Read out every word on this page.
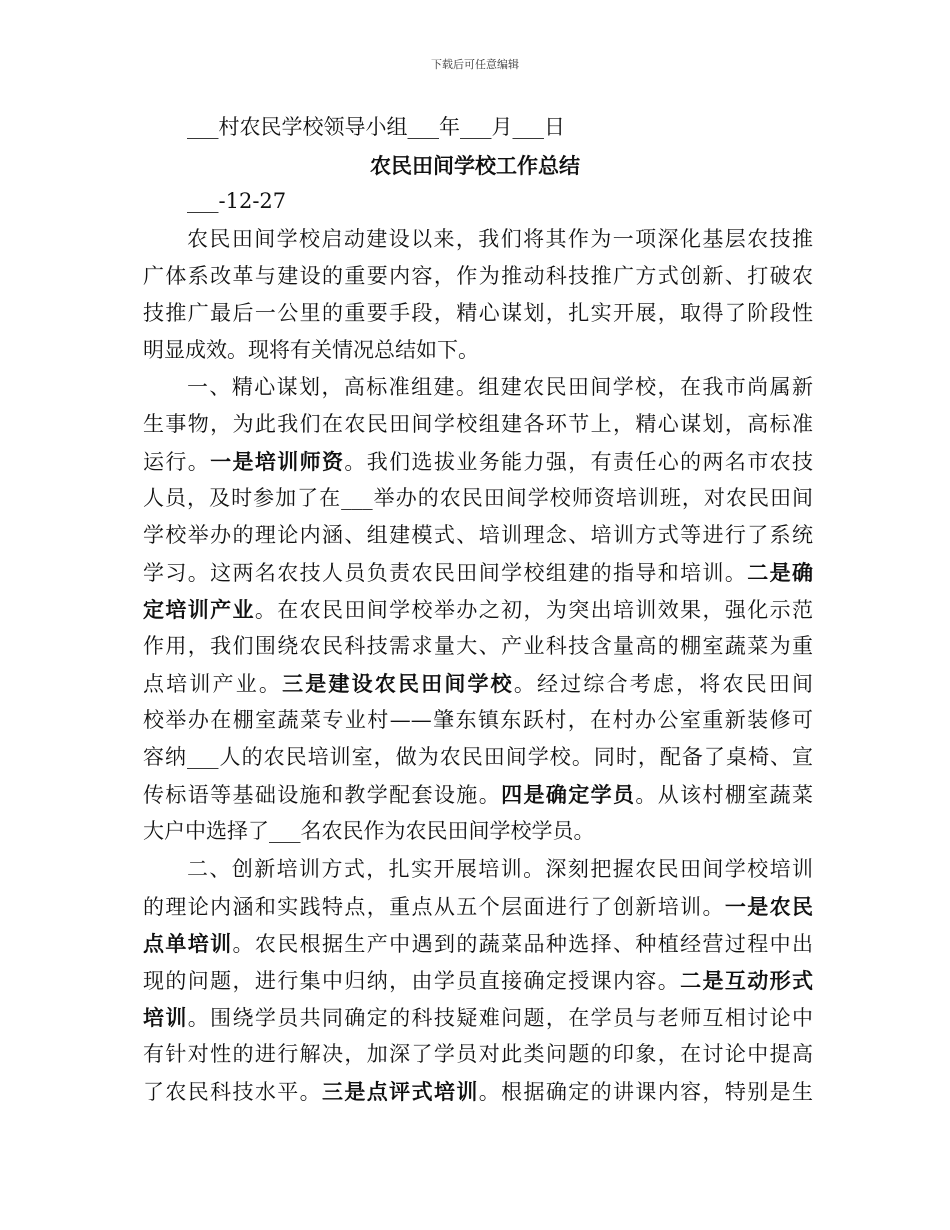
下载后可任意编辑
___村农民学校领导小组___年___月___日
农民田间学校工作总结
___-12-27
农民田间学校启动建设以来，我们将其作为一项深化基层农技推
广体系改革与建设的重要内容，作为推动科技推广方式创新、打破农
技推广最后一公里的重要手段，精心谋划，扎实开展，取得了阶段性
明显成效。现将有关情况总结如下。
一、精心谋划，高标准组建。组建农民田间学校，在我市尚属新
生事物，为此我们在农民田间学校组建各环节上，精心谋划，高标准
运行。一是培训师资。我们选拔业务能力强，有责任心的两名市农技
人员，及时参加了在___举办的农民田间学校师资培训班，对农民田间
学校举办的理论内涵、组建模式、培训理念、培训方式等进行了系统
学习。这两名农技人员负责农民田间学校组建的指导和培训。二是确
定培训产业。在农民田间学校举办之初，为突出培训效果，强化示范
作用，我们围绕农民科技需求量大、产业科技含量高的棚室蔬菜为重
点培训产业。三是建设农民田间学校。经过综合考虑，将农民田间
校举办在棚室蔬菜专业村——肇东镇东跃村，在村办公室重新装修可
容纳___人的农民培训室，做为农民田间学校。同时，配备了桌椅、宣
传标语等基础设施和教学配套设施。四是确定学员。从该村棚室蔬菜
大户中选择了___名农民作为农民田间学校学员。
二、创新培训方式，扎实开展培训。深刻把握农民田间学校培训
的理论内涵和实践特点，重点从五个层面进行了创新培训。一是农民
点单培训。农民根据生产中遇到的蔬菜品种选择、种植经营过程中出
现的问题，进行集中归纳，由学员直接确定授课内容。二是互动形式
培训。围绕学员共同确定的科技疑难问题，在学员与老师互相讨论中
有针对性的进行解决，加深了学员对此类问题的印象，在讨论中提高
了农民科技水平。三是点评式培训。根据确定的讲课内容，特别是生
